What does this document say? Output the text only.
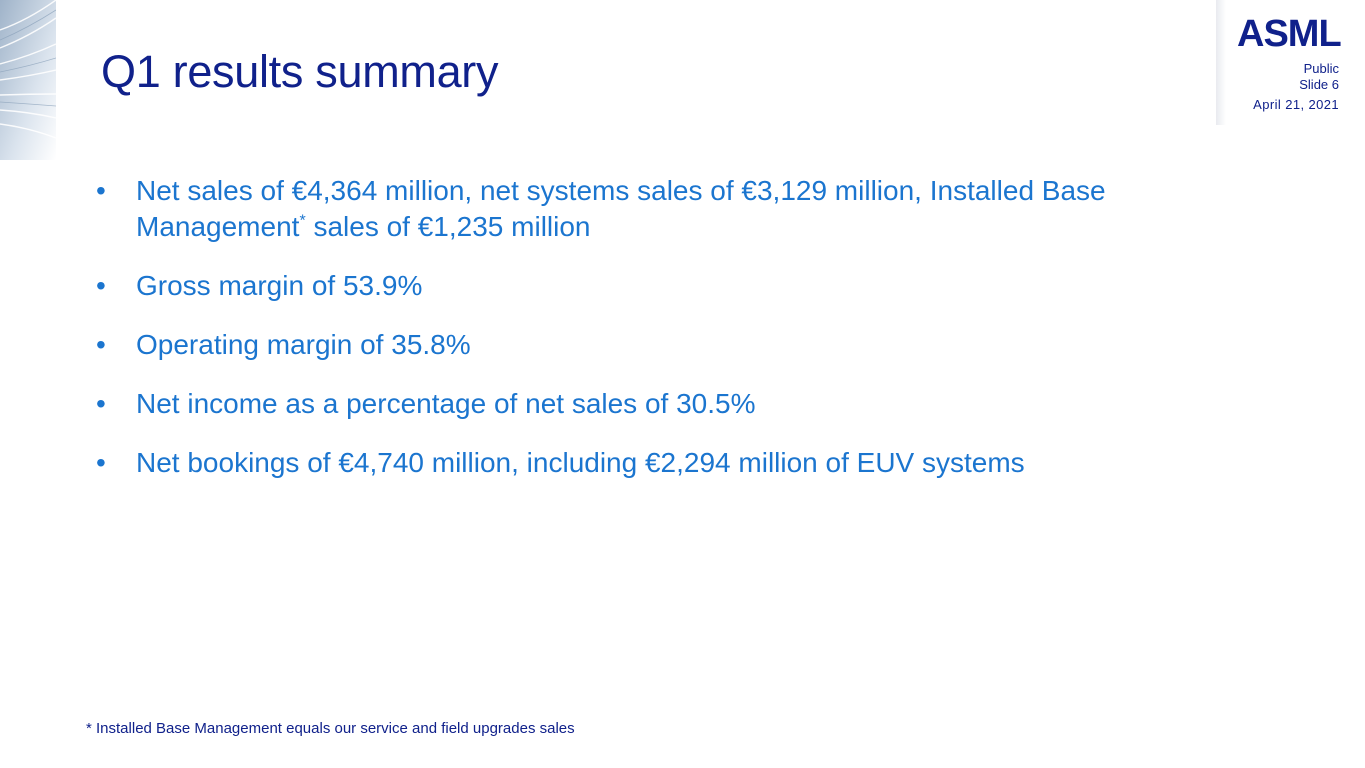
Q1 results summary
ASML
Public
Slide 6
April 21, 2021
• Net sales of €4,364 million, net systems sales of €3,129 million, Installed Base Management* sales of €1,235 million
• Gross margin of 53.9%
• Operating margin of 35.8%
• Net income as a percentage of net sales of 30.5%
• Net bookings of €4,740 million, including €2,294 million of EUV systems
* Installed Base Management equals our service and field upgrades sales
